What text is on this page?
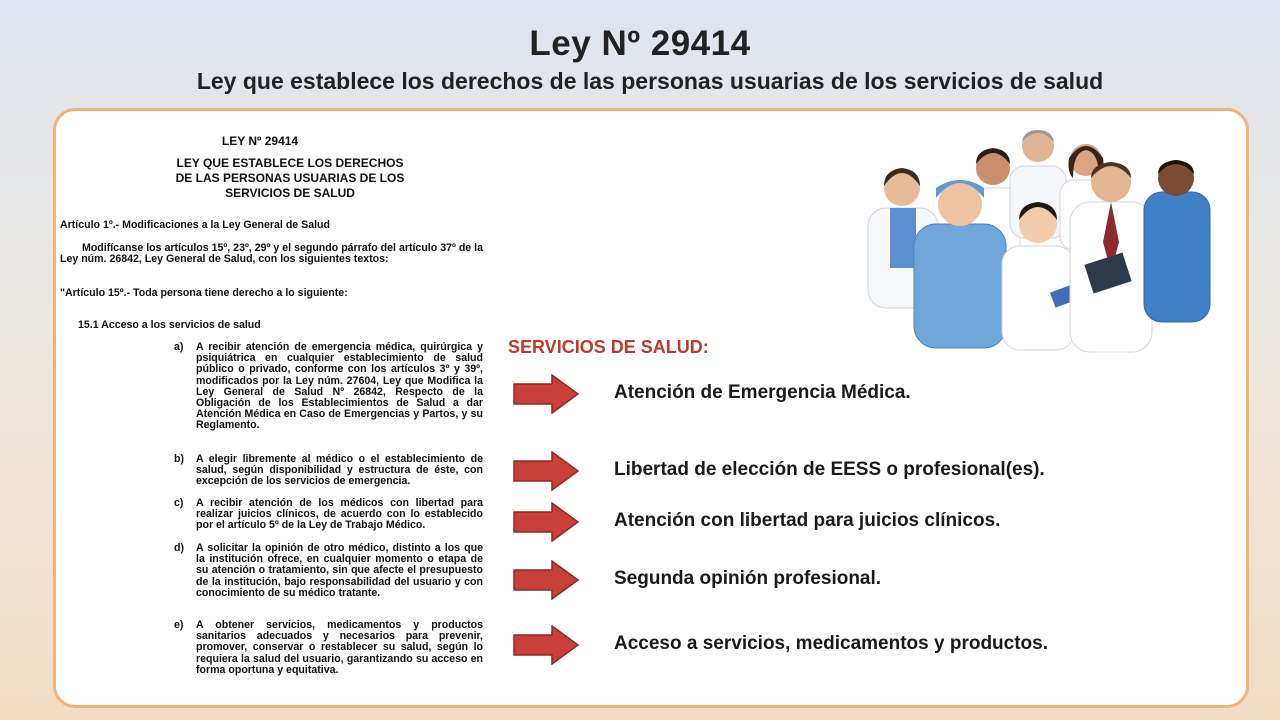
Ley Nº 29414
Ley que establece los derechos de las personas usuarias de los servicios de salud
LEY Nº 29414
LEY QUE ESTABLECE LOS DERECHOS
DE LAS PERSONAS USUARIAS DE LOS
SERVICIOS DE SALUD
Artículo 1º.- Modificaciones a la Ley General de Salud
Modifícanse los artículos 15º, 23º, 29º y el segundo párrafo del artículo 37º de la Ley núm. 26842, Ley General de Salud, con los siguientes textos:
"Artículo 15º.- Toda persona tiene derecho a lo siguiente:
15.1 Acceso a los servicios de salud
a) A recibir atención de emergencia médica, quirúrgica y psiquiátrica en cualquier establecimiento de salud público o privado, conforme con los artículos 3º y 39º, modificados por la Ley núm. 27604, Ley que Modifica la Ley General de Salud Nº 26842, Respecto de la Obligación de los Establecimientos de Salud a dar Atención Médica en Caso de Emergencias y Partos, y su Reglamento.
b) A elegir libremente al médico o el establecimiento de salud, según disponibilidad y estructura de éste, con excepción de los servicios de emergencia.
c) A recibir atención de los médicos con libertad para realizar juicios clínicos, de acuerdo con lo establecido por el artículo 5º de la Ley de Trabajo Médico.
d) A solicitar la opinión de otro médico, distinto a los que la institución ofrece, en cualquier momento o etapa de su atención o tratamiento, sin que afecte el presupuesto de la institución, bajo responsabilidad del usuario y con conocimiento de su médico tratante.
e) A obtener servicios, medicamentos y productos sanitarios adecuados y necesarios para prevenir, promover, conservar o restablecer su salud, según lo requiera la salud del usuario, garantizando su acceso en forma oportuna y equitativa.
SERVICIOS DE SALUD:
Atención de Emergencia Médica.
Libertad de elección de EESS o profesional(es).
Atención con libertad para juicios clínicos.
Segunda opinión profesional.
Acceso a servicios, medicamentos y productos.
